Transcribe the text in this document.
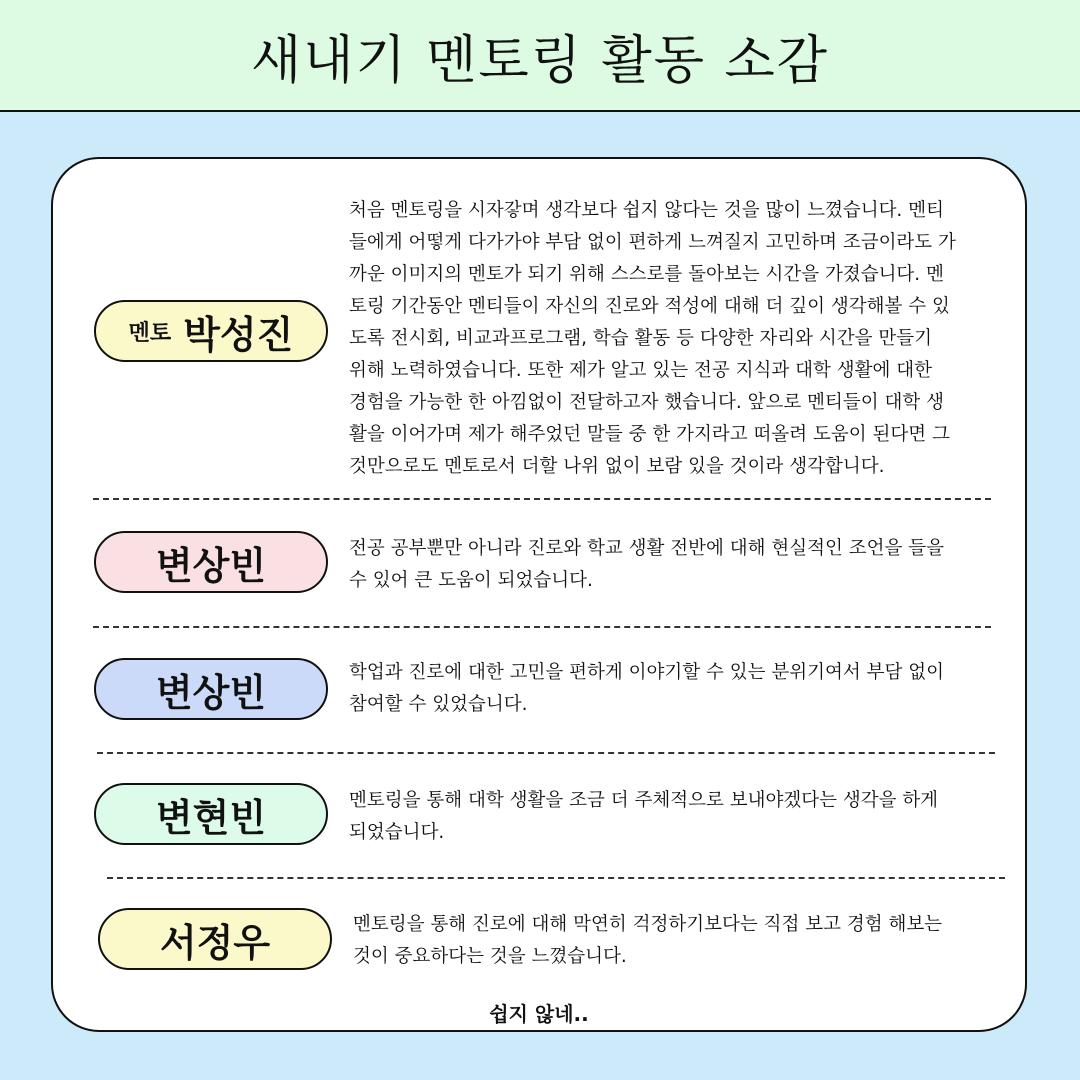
새내기 멘토링 활동 소감
멘토 박성진
처음 멘토링을 시자갛며 생각보다 쉽지 않다는 것을 많이 느꼈습니다. 멘티
들에게 어떻게 다가가야 부담 없이 편하게 느껴질지 고민하며 조금이라도 가
까운 이미지의 멘토가 되기 위해 스스로를 돌아보는 시간을 가졌습니다. 멘
토링 기간동안 멘티들이 자신의 진로와 적성에 대해 더 깊이 생각해볼 수 있
도록 전시회, 비교과프로그램, 학습 활동 등 다양한 자리와 시간을 만들기
위해 노력하였습니다. 또한 제가 알고 있는 전공 지식과 대학 생활에 대한
경험을 가능한 한 아낌없이 전달하고자 했습니다. 앞으로 멘티들이 대학 생
활을 이어가며 제가 해주었던 말들 중 한 가지라고 떠올려 도움이 된다면 그
것만으로도 멘토로서 더할 나위 없이 보람 있을 것이라 생각합니다.
변상빈	전공 공부뿐만 아니라 진로와 학교 생활 전반에 대해 현실적인 조언을 들을
수 있어 큰 도움이 되었습니다.
변상빈	학업과 진로에 대한 고민을 편하게 이야기할 수 있는 분위기여서 부담 없이
참여할 수 있었습니다.
변현빈	멘토링을 통해 대학 생활을 조금 더 주체적으로 보내야겠다는 생각을 하게
되었습니다.
서정우	멘토링을 통해 진로에 대해 막연히 걱정하기보다는 직접 보고 경험 해보는
것이 중요하다는 것을 느꼈습니다.
쉽지 않네..
